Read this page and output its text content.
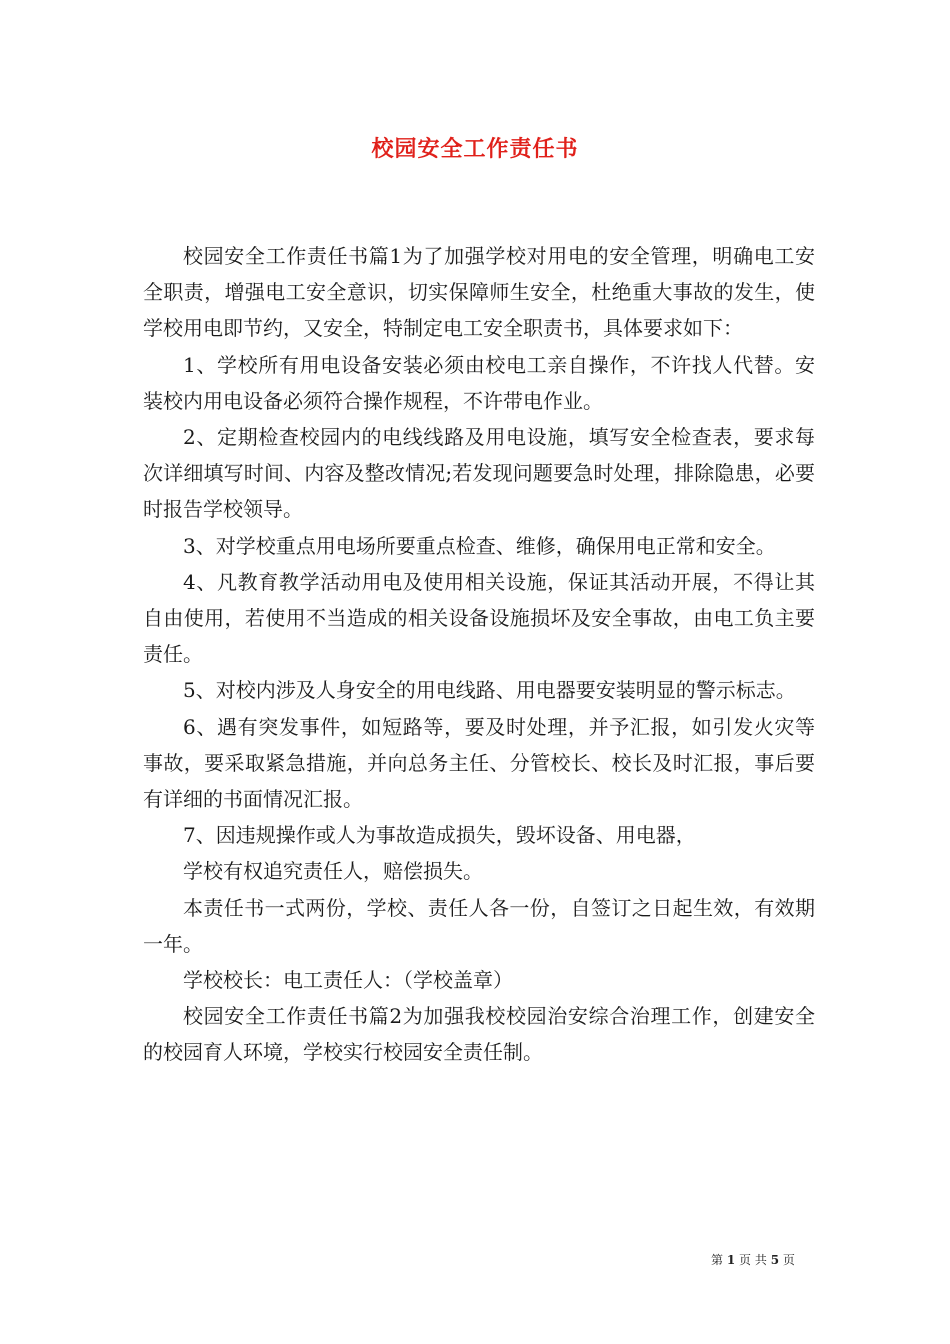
校园安全工作责任书

校园安全工作责任书篇1为了加强学校对用电的安全管理，明确电工安全职责，增强电工安全意识，切实保障师生安全，杜绝重大事故的发生，使学校用电即节约，又安全，特制定电工安全职责书，具体要求如下：

1、学校所有用电设备安装必须由校电工亲自操作，不许找人代替。安装校内用电设备必须符合操作规程，不许带电作业。

2、定期检查校园内的电线线路及用电设施，填写安全检查表，要求每次详细填写时间、内容及整改情况;若发现问题要急时处理，排除隐患，必要时报告学校领导。

3、对学校重点用电场所要重点检查、维修，确保用电正常和安全。

4、凡教育教学活动用电及使用相关设施，保证其活动开展，不得让其自由使用，若使用不当造成的相关设备设施损坏及安全事故，由电工负主要责任。

5、对校内涉及人身安全的用电线路、用电器要安装明显的警示标志。

6、遇有突发事件，如短路等，要及时处理，并予汇报，如引发火灾等事故，要采取紧急措施，并向总务主任、分管校长、校长及时汇报，事后要有详细的书面情况汇报。

7、因违规操作或人为事故造成损失，毁坏设备、用电器，

学校有权追究责任人，赔偿损失。

本责任书一式两份，学校、责任人各一份，自签订之日起生效，有效期一年。

学校校长：电工责任人：（学校盖章）

校园安全工作责任书篇2为加强我校校园治安综合治理工作，创建安全的校园育人环境，学校实行校园安全责任制。

第 1 页 共 5 页
